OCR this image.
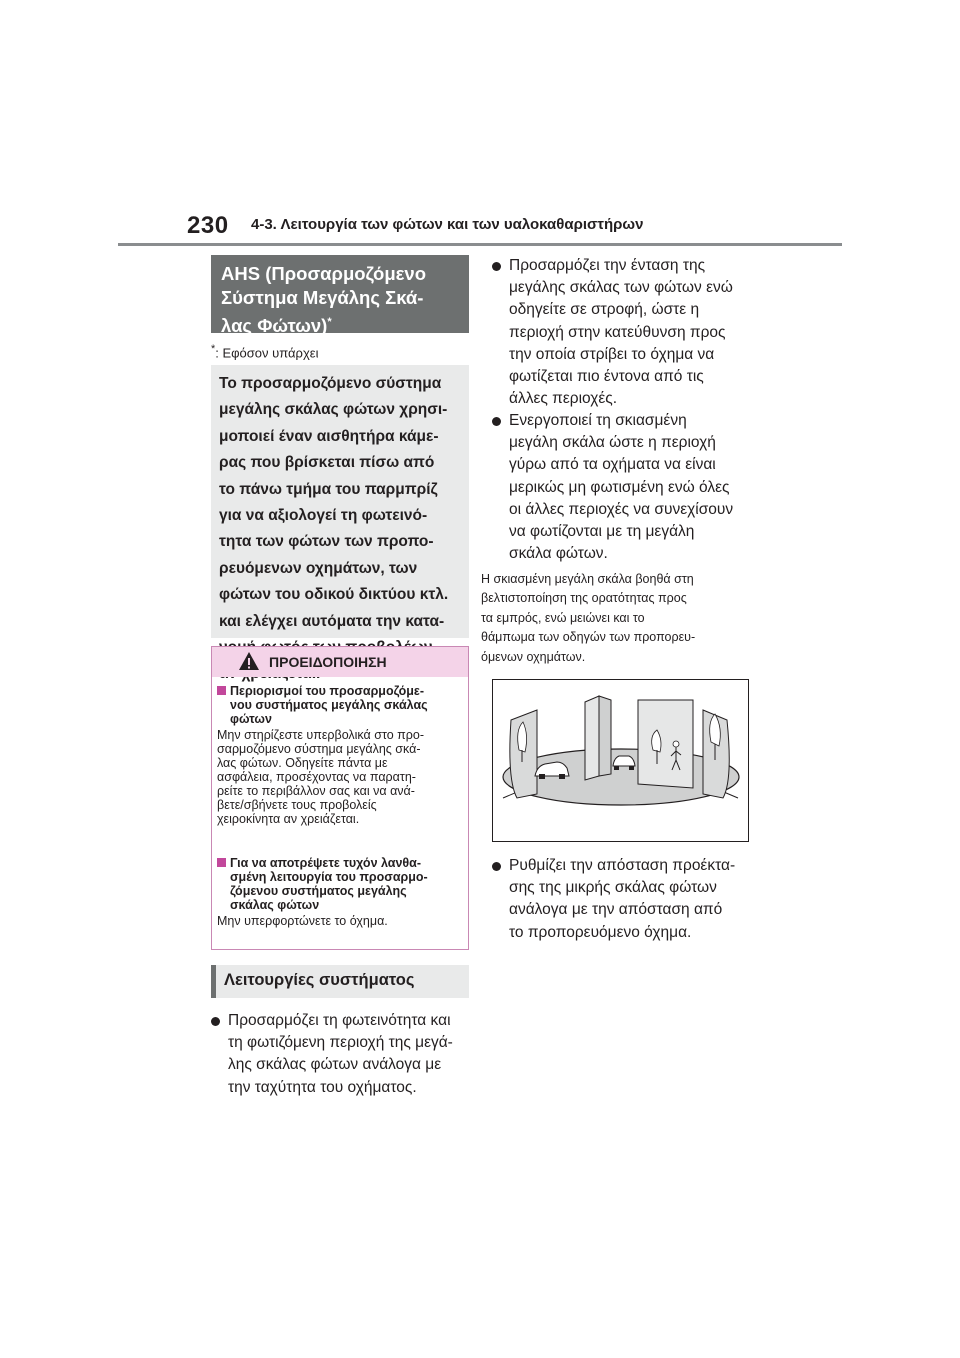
230 4-3. Λειτουργία των φώτων και των υαλοκαθαριστήρων
AHS (Προσαρμοζόμενο
Σύστημα Μεγάλης Σκά-
λας Φώτων)*
*: Εφόσον υπάρχει
Το προσαρμοζόμενο σύστημα
μεγάλης σκάλας φώτων χρησι-
μοποιεί έναν αισθητήρα κάμε-
ρας που βρίσκεται πίσω από
το πάνω τμήμα του παρμπρίζ
για να αξιολογεί τη φωτεινό-
τητα των φώτων των προπο-
ρευόμενων οχημάτων, των
φώτων του οδικού δικτύου κτλ.
και ελέγχει αυτόματα την κατα-
ΠΡΟΕΙΔΟΠΟΙΗΣΗ
Περιορισμοί του προσαρμοζόμε-
νου συστήματος μεγάλης σκάλας
φώτων
Μην στηρίζεστε υπερβολικά στο προ-
σαρμοζόμενο σύστημα μεγάλης σκά-
λας φώτων. Οδηγείτε πάντα με
ασφάλεια, προσέχοντας να παρατη-
ρείτε το περιβάλλον σας και να ανά-
βετε/σβήνετε τους προβολείς
χειροκίνητα αν χρειάζεται.
Για να αποτρέψετε τυχόν λανθα-
σμένη λειτουργία του προσαρμο-
ζόμενου συστήματος μεγάλης
σκάλας φώτων
Μην υπερφορτώνετε το όχημα.
Λειτουργίες συστήματος
Προσαρμόζει τη φωτεινότητα και
τη φωτιζόμενη περιοχή της μεγά-
λης σκάλας φώτων ανάλογα με
την ταχύτητα του οχήματος.
Προσαρμόζει την ένταση της
μεγάλης σκάλας των φώτων ενώ
οδηγείτε σε στροφή, ώστε η
περιοχή στην κατεύθυνση προς
την οποία στρίβει το όχημα να
φωτίζεται πιο έντονα από τις
άλλες περιοχές.
Ενεργοποιεί τη σκιασμένη
μεγάλη σκάλα ώστε η περιοχή
γύρω από τα οχήματα να είναι
μερικώς μη φωτισμένη ενώ όλες
οι άλλες περιοχές να συνεχίσουν
να φωτίζονται με τη μεγάλη
σκάλα φώτων.
Η σκιασμένη μεγάλη σκάλα βοηθά στη
βελτιστοποίηση της ορατότητας προς
τα εμπρός, ενώ μειώνει και το
θάμπωμα των οδηγών των προπορευ-
όμενων οχημάτων.
Ρυθμίζει την απόσταση προέκτα-
σης της μικρής σκάλας φώτων
ανάλογα με την απόσταση από
το προπορευόμενο όχημα.
